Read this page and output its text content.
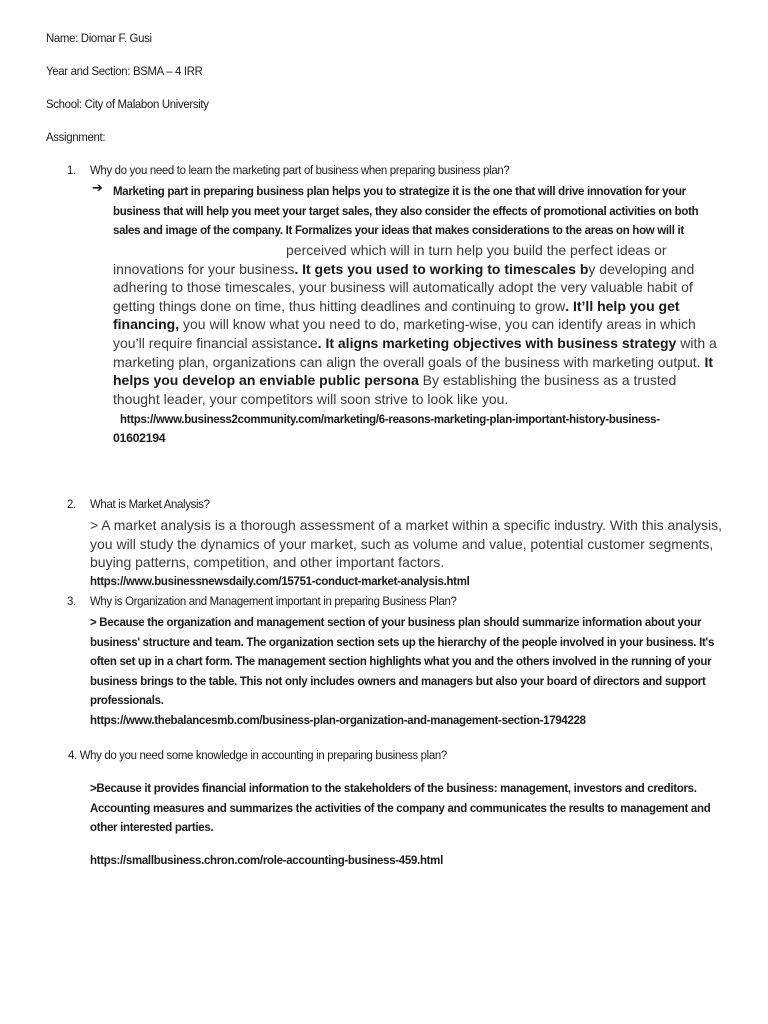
Name: Diomar F. Gusi
Year and Section: BSMA – 4 IRR
School: City of Malabon University
Assignment:
1. Why do you need to learn the marketing part of business when preparing business plan?
➔ Marketing part in preparing business plan helps you to strategize it is the one that will drive innovation for your business that will help you meet your target sales, they also consider the effects of promotional activities on both sales and image of the company. It Formalizes your ideas that makes considerations to the areas on how will it
perceived which will in turn help you build the perfect ideas or innovations for your business. It gets you used to working to timescales by developing and adhering to those timescales, your business will automatically adopt the very valuable habit of getting things done on time, thus hitting deadlines and continuing to grow. It’ll help you get financing, you will know what you need to do, marketing-wise, you can identify areas in which you’ll require financial assistance. It aligns marketing objectives with business strategy with a marketing plan, organizations can align the overall goals of the business with marketing output. It helps you develop an enviable public persona By establishing the business as a trusted thought leader, your competitors will soon strive to look like you.
https://www.business2community.com/marketing/6-reasons-marketing-plan-important-history-business-
01602194
2. What is Market Analysis?
> A market analysis is a thorough assessment of a market within a specific industry. With this analysis, you will study the dynamics of your market, such as volume and value, potential customer segments, buying patterns, competition, and other important factors.
https://www.businessnewsdaily.com/15751-conduct-market-analysis.html
3. Why is Organization and Management important in preparing Business Plan?
> Because the organization and management section of your business plan should summarize information about your business' structure and team. The organization section sets up the hierarchy of the people involved in your business. It's often set up in a chart form. The management section highlights what you and the others involved in the running of your business brings to the table. This not only includes owners and managers but also your board of directors and support professionals.
https://www.thebalancesmb.com/business-plan-organization-and-management-section-1794228
4. Why do you need some knowledge in accounting in preparing business plan?
>Because it provides financial information to the stakeholders of the business: management, investors and creditors. Accounting measures and summarizes the activities of the company and communicates the results to management and other interested parties.
https://smallbusiness.chron.com/role-accounting-business-459.html
